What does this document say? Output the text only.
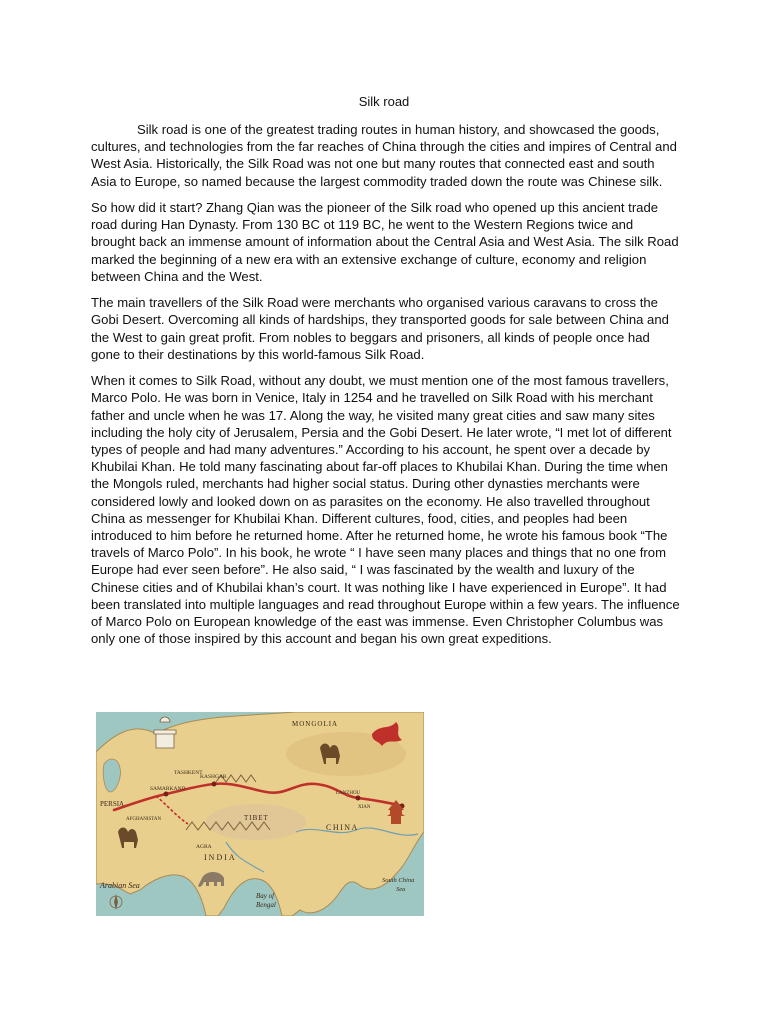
Silk road

Silk road is one of the greatest trading routes in human history, and showcased the goods, cultures, and technologies from the far reaches of China through the cities and impires of Central and West Asia. Historically, the Silk Road was not one but many routes that connected east and south Asia to Europe, so named because the largest commodity traded down the route was Chinese silk.

So how did it start? Zhang Qian was the pioneer of the Silk road who opened up this ancient trade road during Han Dynasty. From 130 BC ot 119 BC, he went to the Western Regions twice and brought back an immense amount of information about the Central Asia and West Asia. The silk Road marked the beginning of a new era with an extensive exchange of culture, economy and religion between China and the West.

The main travellers of the Silk Road were merchants who organised various caravans to cross the Gobi Desert. Overcoming all kinds of hardships, they transported goods for sale between China and the West to gain great profit. From nobles to beggars and prisoners, all kinds of people once had gone to their destinations by this world-famous Silk Road.

When it comes to Silk Road, without any doubt, we must mention one of the most famous travellers, Marco Polo. He was born in Venice, Italy in 1254 and he travelled on Silk Road with his merchant father and uncle when he was 17. Along the way, he visited many great cities and saw many sites including the holy city of Jerusalem, Persia and the Gobi Desert. He later wrote, “I met lot of different types of people and had many adventures.” According to his account, he spent over a decade by Khubilai Khan. He told many fascinating about far-off places to Khubilai Khan. During the time when the Mongols ruled, merchants had higher social status. During other dynasties merchants were considered lowly and looked down on as parasites on the economy. He also travelled throughout China as messenger for Khubilai Khan. Different cultures, food, cities, and peoples had been introduced to him before he returned home. After he returned home, he wrote his famous book “The travels of Marco Polo”. In his book, he wrote “ I have seen many places and things that no one from Europe had ever seen before”. He also said, “ I was fascinated by the wealth and luxury of the Chinese cities and of Khubilai khan’s court. It was nothing like I have experienced in Europe”. It had been translated into multiple languages and read throughout Europe within a few years. The influence of Marco Polo on European knowledge of the east was immense. Even Christopher Columbus was only one of those inspired by this account and began his own great expeditions.

MONGOLIA
TASHKENT
SAMARKAND
KASHGAR
PERSIA
AFGHANISTAN	TIBET
CHINA
INDIA
AGRA
LANZHOU
XIAN
Arabian Sea
Bay of
Bengal
South China
Sea
